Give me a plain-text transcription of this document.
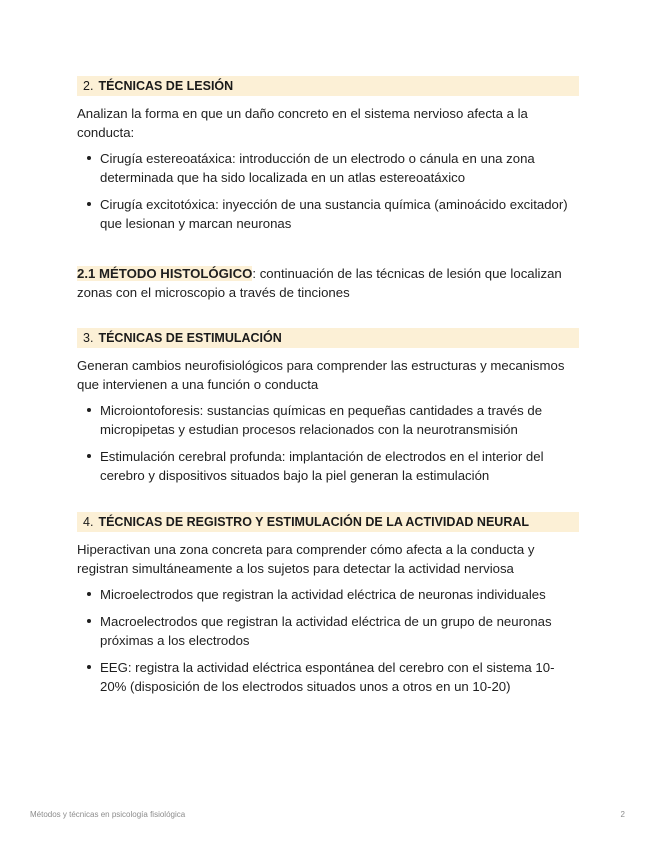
2. TÉCNICAS DE LESIÓN

Analizan la forma en que un daño concreto en el sistema nervioso afecta a la conducta:

Cirugía estereoatáxica: introducción de un electrodo o cánula en una zona determinada que ha sido localizada en un atlas estereoatáxico
Cirugía excitotóxica: inyección de una sustancia química (aminoácido excitador) que lesionan y marcan neuronas

2.1 MÉTODO HISTOLÓGICO: continuación de las técnicas de lesión que localizan zonas con el microscopio a través de tinciones

3. TÉCNICAS DE ESTIMULACIÓN

Generan cambios neurofisiológicos para comprender las estructuras y mecanismos que intervienen a una función o conducta

Microiontoforesis: sustancias químicas en pequeñas cantidades a través de micropipetas y estudian procesos relacionados con la neurotransmisión
Estimulación cerebral profunda: implantación de electrodos en el interior del cerebro y dispositivos situados bajo la piel generan la estimulación
4. TÉCNICAS DE REGISTRO Y ESTIMULACIÓN DE LA ACTIVIDAD NEURAL

Hiperactivan una zona concreta para comprender cómo afecta a la conducta y registran simultáneamente a los sujetos para detectar la actividad nerviosa

Microelectrodos que registran la actividad eléctrica de neuronas individuales
Macroelectrodos que registran la actividad eléctrica de un grupo de neuronas próximas a los electrodos
EEG: registra la actividad eléctrica espontánea del cerebro con el sistema 10-20% (disposición de los electrodos situados unos a otros en un 10-20)
Métodos y técnicas en psicología fisiológica	2
